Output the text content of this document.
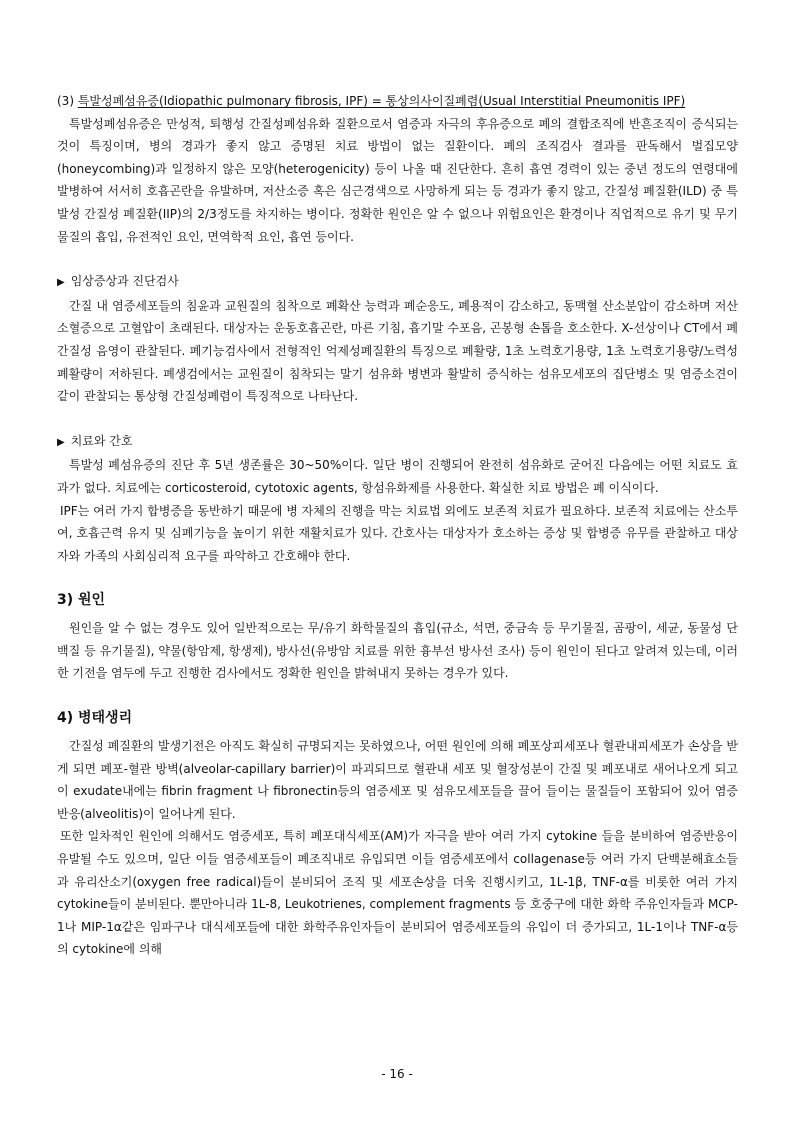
(3) 특발성폐섬유증(Idiopathic pulmonary fibrosis, IPF) = 통상의사이질폐렴(Usual Interstitial Pneumonitis IPF)

특발성폐섬유증은 만성적, 퇴행성 간질성폐섬유화 질환으로서 염증과 자극의 후유증으로 폐의 결합조직에 반흔조직이 증식되는 것이 특징이며, 병의 경과가 좋지 않고 증명된 치료 방법이 없는 질환이다. 폐의 조직검사 결과를 판독해서 벌집모양(honeycombing)과 일정하지 않은 모양(heterogenicity) 등이 나올 때 진단한다. 흔히 흡연 경력이 있는 중년 정도의 연령대에 발병하여 서서히 호흡곤란을 유발하며, 저산소증 혹은 심근경색으로 사망하게 되는 등 경과가 좋지 않고, 간질성 폐질환(ILD) 중 특발성 간질성 폐질환(IIP)의 2/3정도를 차지하는 병이다. 정확한 원인은 알 수 없으나 위험요인은 환경이나 직업적으로 유기 및 무기물질의 흡입, 유전적인 요인, 면역학적 요인, 흡연 등이다.

▶ 임상증상과 진단검사

간질 내 염증세포들의 침윤과 교원질의 침착으로 폐확산 능력과 폐순응도, 폐용적이 감소하고, 동맥혈 산소분압이 감소하며 저산소혈증으로 고혈압이 초래된다. 대상자는 운동호흡곤란, 마른 기침, 흡기말 수포음, 곤봉형 손톱을 호소한다. X-선상이나 CT에서 폐 간질성 음영이 관찰된다. 폐기능검사에서 전형적인 억제성폐질환의 특징으로 폐활량, 1초 노력호기용량, 1초 노력호기용량/노력성 폐활량이 저하된다. 폐생검에서는 교원질이 침착되는 말기 섬유화 병변과 활발히 증식하는 섬유모세포의 집단병소 및 염증소견이 같이 관찰되는 통상형 간질성폐렴이 특징적으로 나타난다.

▶ 치료와 간호

특발성 폐섬유증의 진단 후 5년 생존률은 30~50%이다. 일단 병이 진행되어 완전히 섬유화로 굳어진 다음에는 어떤 치료도 효과가 없다. 치료에는 corticosteroid, cytotoxic agents, 항섬유화제를 사용한다. 확실한 치료 방법은 폐 이식이다.

IPF는 여러 가지 합병증을 동반하기 때문에 병 자체의 진행을 막는 치료법 외에도 보존적 치료가 필요하다. 보존적 치료에는 산소투여, 호흡근력 유지 및 심폐기능을 높이기 위한 재활치료가 있다. 간호사는 대상자가 호소하는 증상 및 합병증 유무를 관찰하고 대상자와 가족의 사회심리적 요구를 파악하고 간호해야 한다.

3) 원인

원인을 알 수 없는 경우도 있어 일반적으로는 무/유기 화학물질의 흡입(규소, 석면, 중금속 등 무기물질, 곰팡이, 세균, 동물성 단백질 등 유기물질), 약물(항암제, 항생제), 방사선(유방암 치료를 위한 흉부선 방사선 조사) 등이 원인이 된다고 알려져 있는데, 이러한 기전을 염두에 두고 진행한 검사에서도 정확한 원인을 밝혀내지 못하는 경우가 있다.

4) 병태생리

간질성 폐질환의 발생기전은 아직도 확실히 규명되지는 못하였으나, 어떤 원인에 의해 폐포상피세포나 혈관내피세포가 손상을 받게 되면 폐포-혈관 방벽(alveolar-capillary barrier)이 파괴되므로 혈관내 세포 및 혈장성분이 간질 및 폐포내로 새어나오게 되고 이 exudate내에는 fibrin fragment 나 fibronectin등의 염증세포 및 섬유모세포들을 끌어 들이는 물질들이 포함되어 있어 염증반응(alveolitis)이 일어나게 된다.

또한 일차적인 원인에 의해서도 염증세포, 특히 폐포대식세포(AM)가 자극을 받아 여러 가지 cytokine 들을 분비하여 염증반응이 유발될 수도 있으며, 일단 이들 염증세포들이 폐조직내로 유입되면 이들 염증세포에서 collagenase등 여러 가지 단백분해효소들과 유리산소기(oxygen free radical)들이 분비되어 조직 및 세포손상을 더욱 진행시키고, 1L-1β, TNF-α를 비롯한 여러 가지 cytokine들이 분비된다. 뿐만아니라 1L-8, Leukotrienes, complement fragments 등 호중구에 대한 화학 주유인자들과 MCP-1나 MIP-1α같은 임파구나 대식세포들에 대한 화학주유인자들이 분비되어 염증세포들의 유입이 더 증가되고, 1L-1이나 TNF-α등의 cytokine에 의해

- 16 -
